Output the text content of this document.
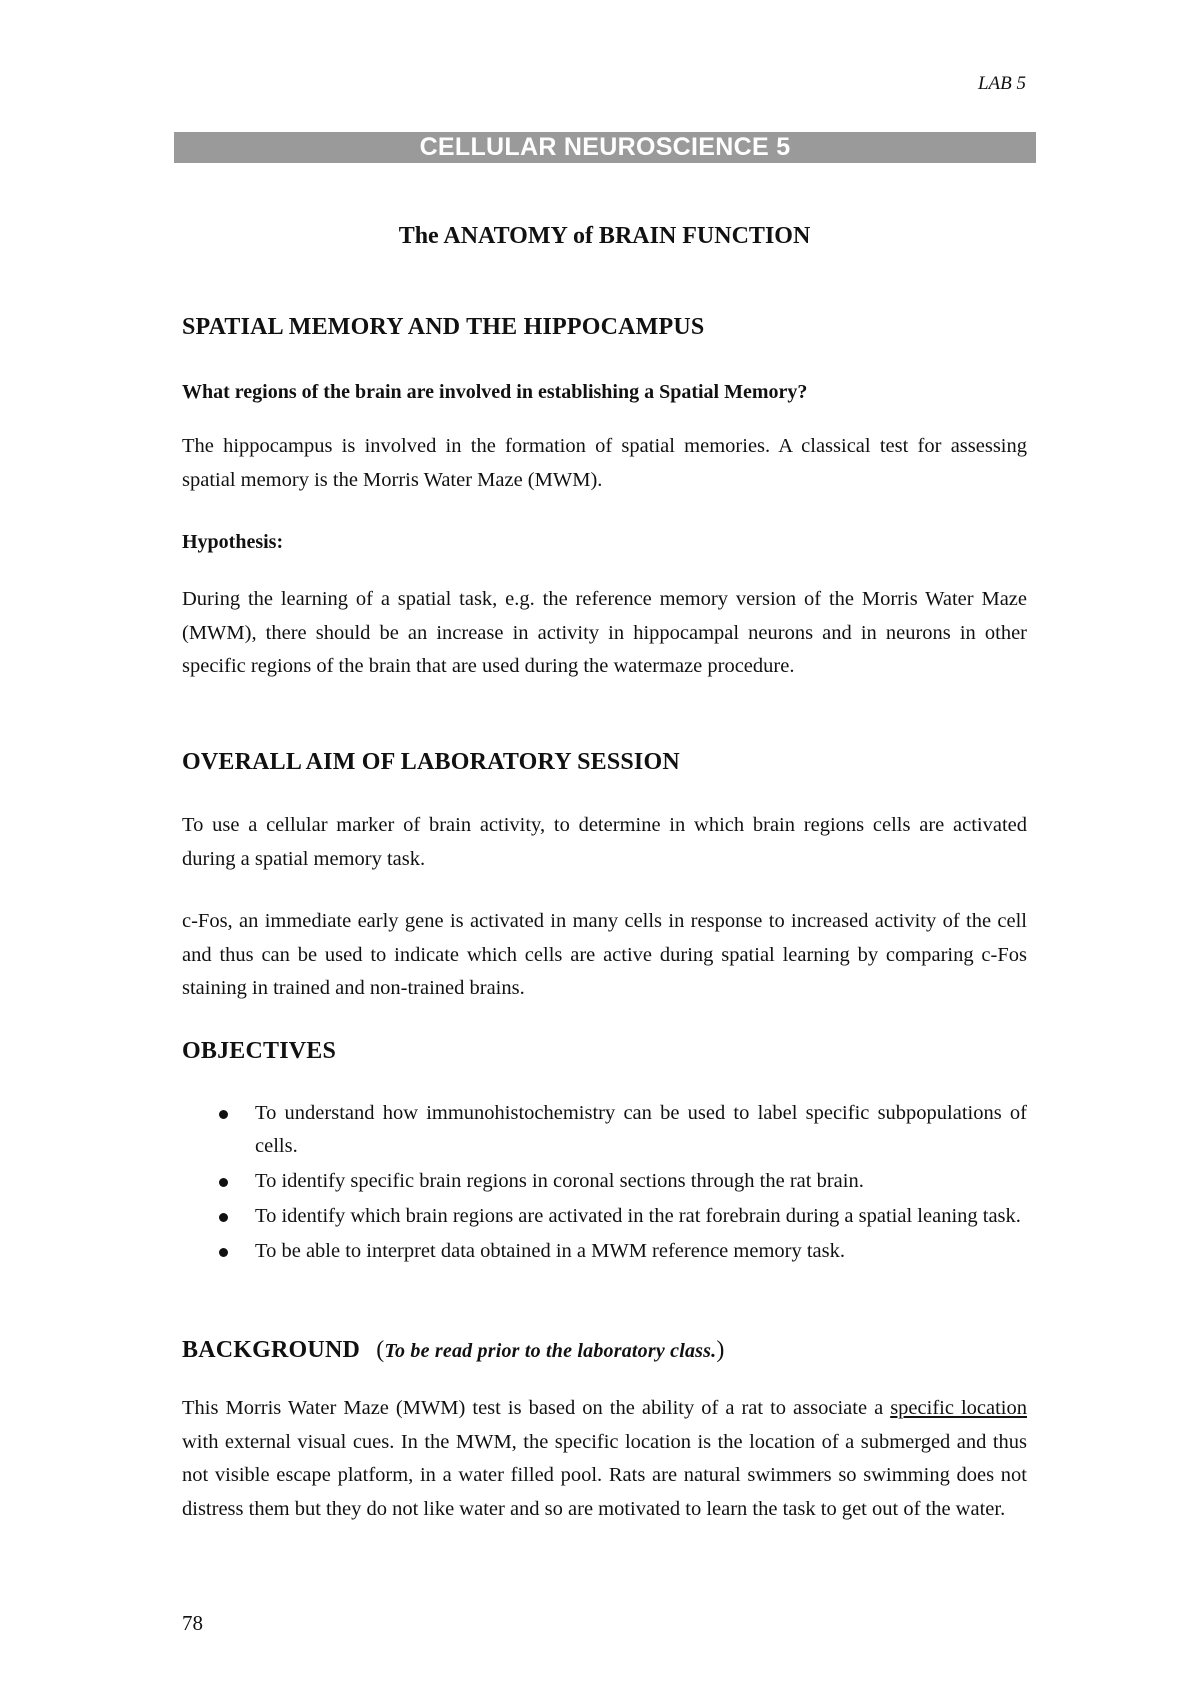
LAB 5
CELLULAR NEUROSCIENCE 5
The ANATOMY of BRAIN FUNCTION
SPATIAL MEMORY AND THE HIPPOCAMPUS
What regions of the brain are involved in establishing a Spatial Memory?

The hippocampus is involved in the formation of spatial memories. A classical test for assessing spatial memory is the Morris Water Maze (MWM).

Hypothesis:

During the learning of a spatial task, e.g. the reference memory version of the Morris Water Maze (MWM), there should be an increase in activity in hippocampal neurons and in neurons in other specific regions of the brain that are used during the watermaze procedure.

OVERALL AIM OF LABORATORY SESSION

To use a cellular marker of brain activity, to determine in which brain regions cells are activated during a spatial memory task.

c-Fos, an immediate early gene is activated in many cells in response to increased activity of the cell and thus can be used to indicate which cells are active during spatial learning by comparing c-Fos staining in trained and non-trained brains.

OBJECTIVES
To understand how immunohistochemistry can be used to label specific subpopulations of cells.
To identify specific brain regions in coronal sections through the rat brain.
To identify which brain regions are activated in the rat forebrain during a spatial leaning task.
To be able to interpret data obtained in a MWM reference memory task.
BACKGROUND (To be read prior to the laboratory class.)

This Morris Water Maze (MWM) test is based on the ability of a rat to associate a specific location with external visual cues. In the MWM, the specific location is the location of a submerged and thus not visible escape platform, in a water filled pool. Rats are natural swimmers so swimming does not distress them but they do not like water and so are motivated to learn the task to get out of the water.

78
